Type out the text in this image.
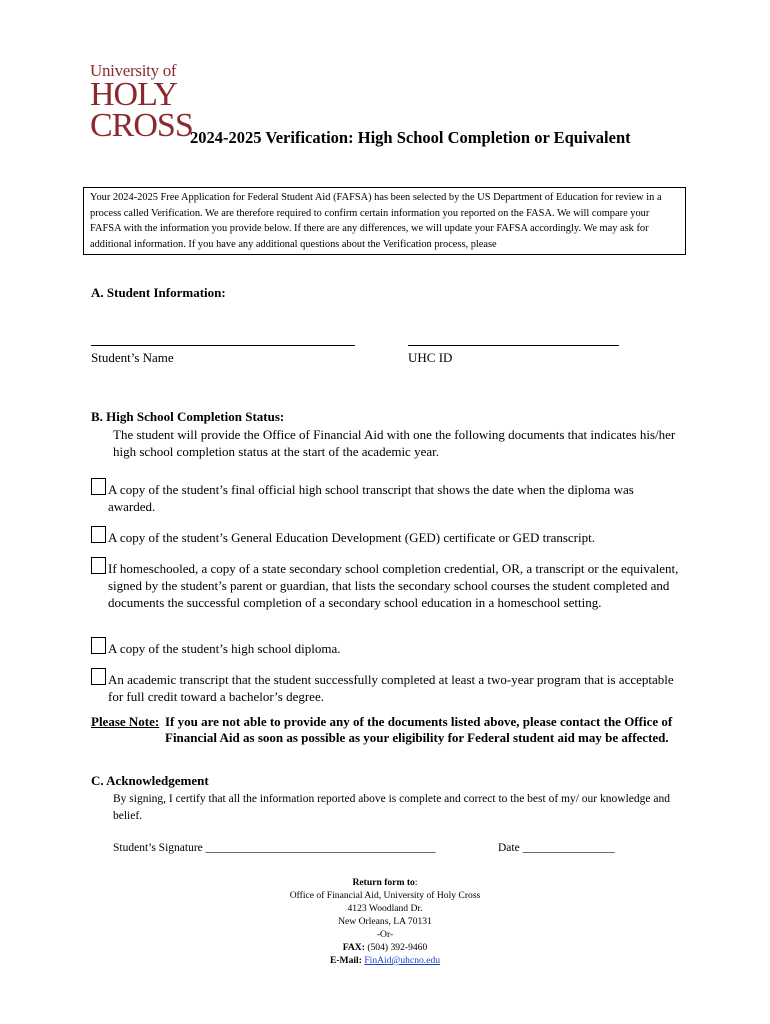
University of
HOLY
CROSS
2024-2025 Verification: High School Completion or Equivalent
Your 2024-2025 Free Application for Federal Student Aid (FAFSA) has been selected by the US Department of Education for review in a process called Verification. We are therefore required to confirm certain information you reported on the FASA. We will compare your FAFSA with the information you provide below. If there are any differences, we will update your FAFSA accordingly. We may ask for additional information. If you have any additional questions about the Verification process, please
A. Student Information:
Student’s Name	UHC ID
B. High School Completion Status:
The student will provide the Office of Financial Aid with one the following documents that indicates his/her high school completion status at the start of the academic year.
A copy of the student’s final official high school transcript that shows the date when the diploma was awarded.
A copy of the student’s General Education Development (GED) certificate or GED transcript.
If homeschooled, a copy of a state secondary school completion credential, OR, a transcript or the equivalent, signed by the student’s parent or guardian, that lists the secondary school courses the student completed and documents the successful completion of a secondary school education in a homeschool setting.
A copy of the student’s high school diploma.
An academic transcript that the student successfully completed at least a two-year program that is acceptable for full credit toward a bachelor’s degree.
Please Note: If you are not able to provide any of the documents listed above, please contact the Office of Financial Aid as soon as possible as your eligibility for Federal student aid may be affected.
C. Acknowledgement
By signing, I certify that all the information reported above is complete and correct to the best of my/ our knowledge and belief.
Student’s Signature ________________________________________	Date ________________
Return form to:
Office of Financial Aid, University of Holy Cross
4123 Woodland Dr.
New Orleans, LA 70131
-Or-
FAX: (504) 392-9460
E-Mail: FinAid@uhcno.edu
